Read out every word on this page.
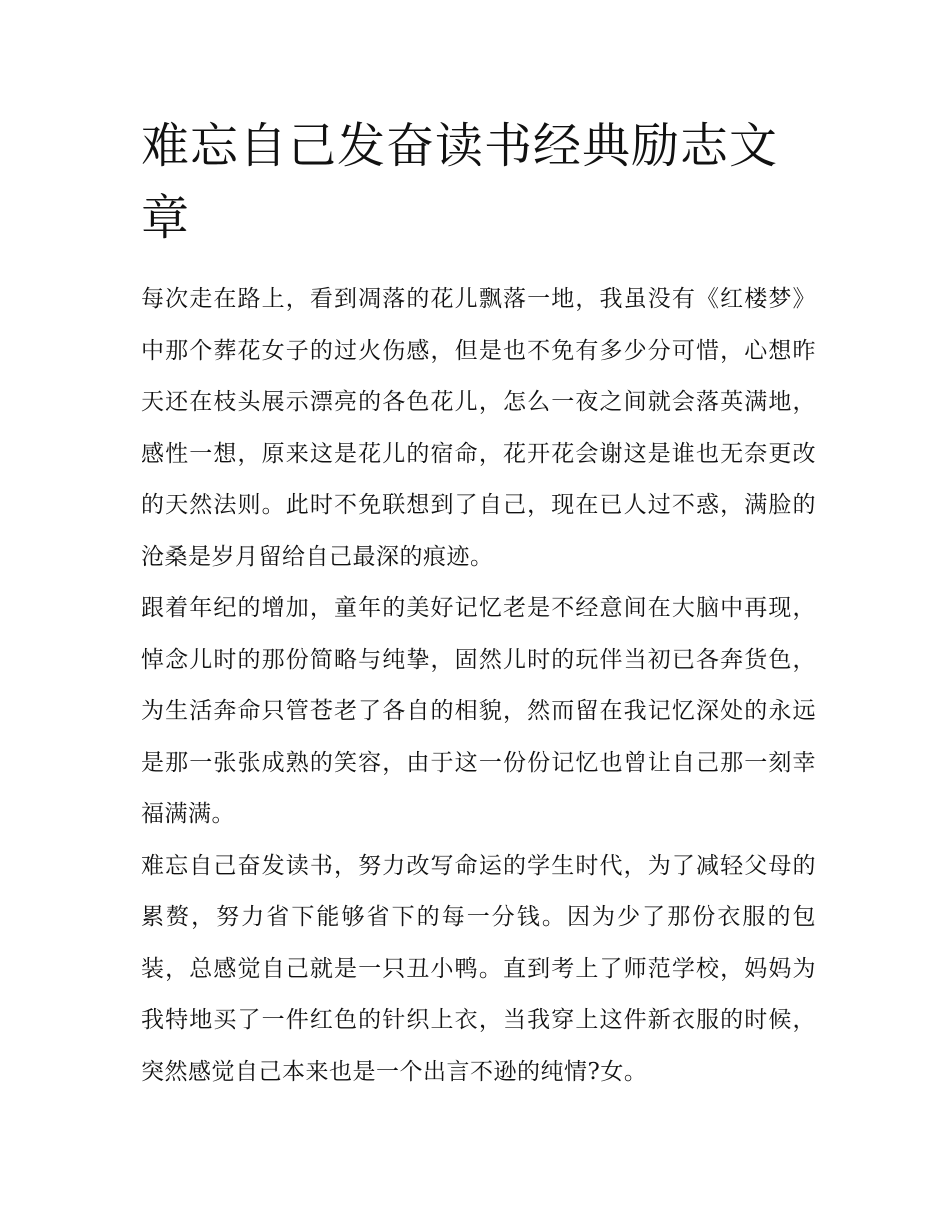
难忘自己发奋读书经典励志文章

每次走在路上，看到凋落的花儿飘落一地，我虽没有《红楼梦》中那个葬花女子的过火伤感，但是也不免有多少分可惜，心想昨天还在枝头展示漂亮的各色花儿，怎么一夜之间就会落英满地，感性一想，原来这是花儿的宿命，花开花会谢这是谁也无奈更改的天然法则。此时不免联想到了自己，现在已人过不惑，满脸的沧桑是岁月留给自己最深的痕迹。

跟着年纪的增加，童年的美好记忆老是不经意间在大脑中再现，悼念儿时的那份简略与纯挚，固然儿时的玩伴当初已各奔货色，为生活奔命只管苍老了各自的相貌，然而留在我记忆深处的永远是那一张张成熟的笑容，由于这一份份记忆也曾让自己那一刻幸福满满。

难忘自己奋发读书，努力改写命运的学生时代，为了减轻父母的累赘，努力省下能够省下的每一分钱。因为少了那份衣服的包装，总感觉自己就是一只丑小鸭。直到考上了师范学校，妈妈为我特地买了一件红色的针织上衣，当我穿上这件新衣服的时候，突然感觉自己本来也是一个出言不逊的纯情?女。
